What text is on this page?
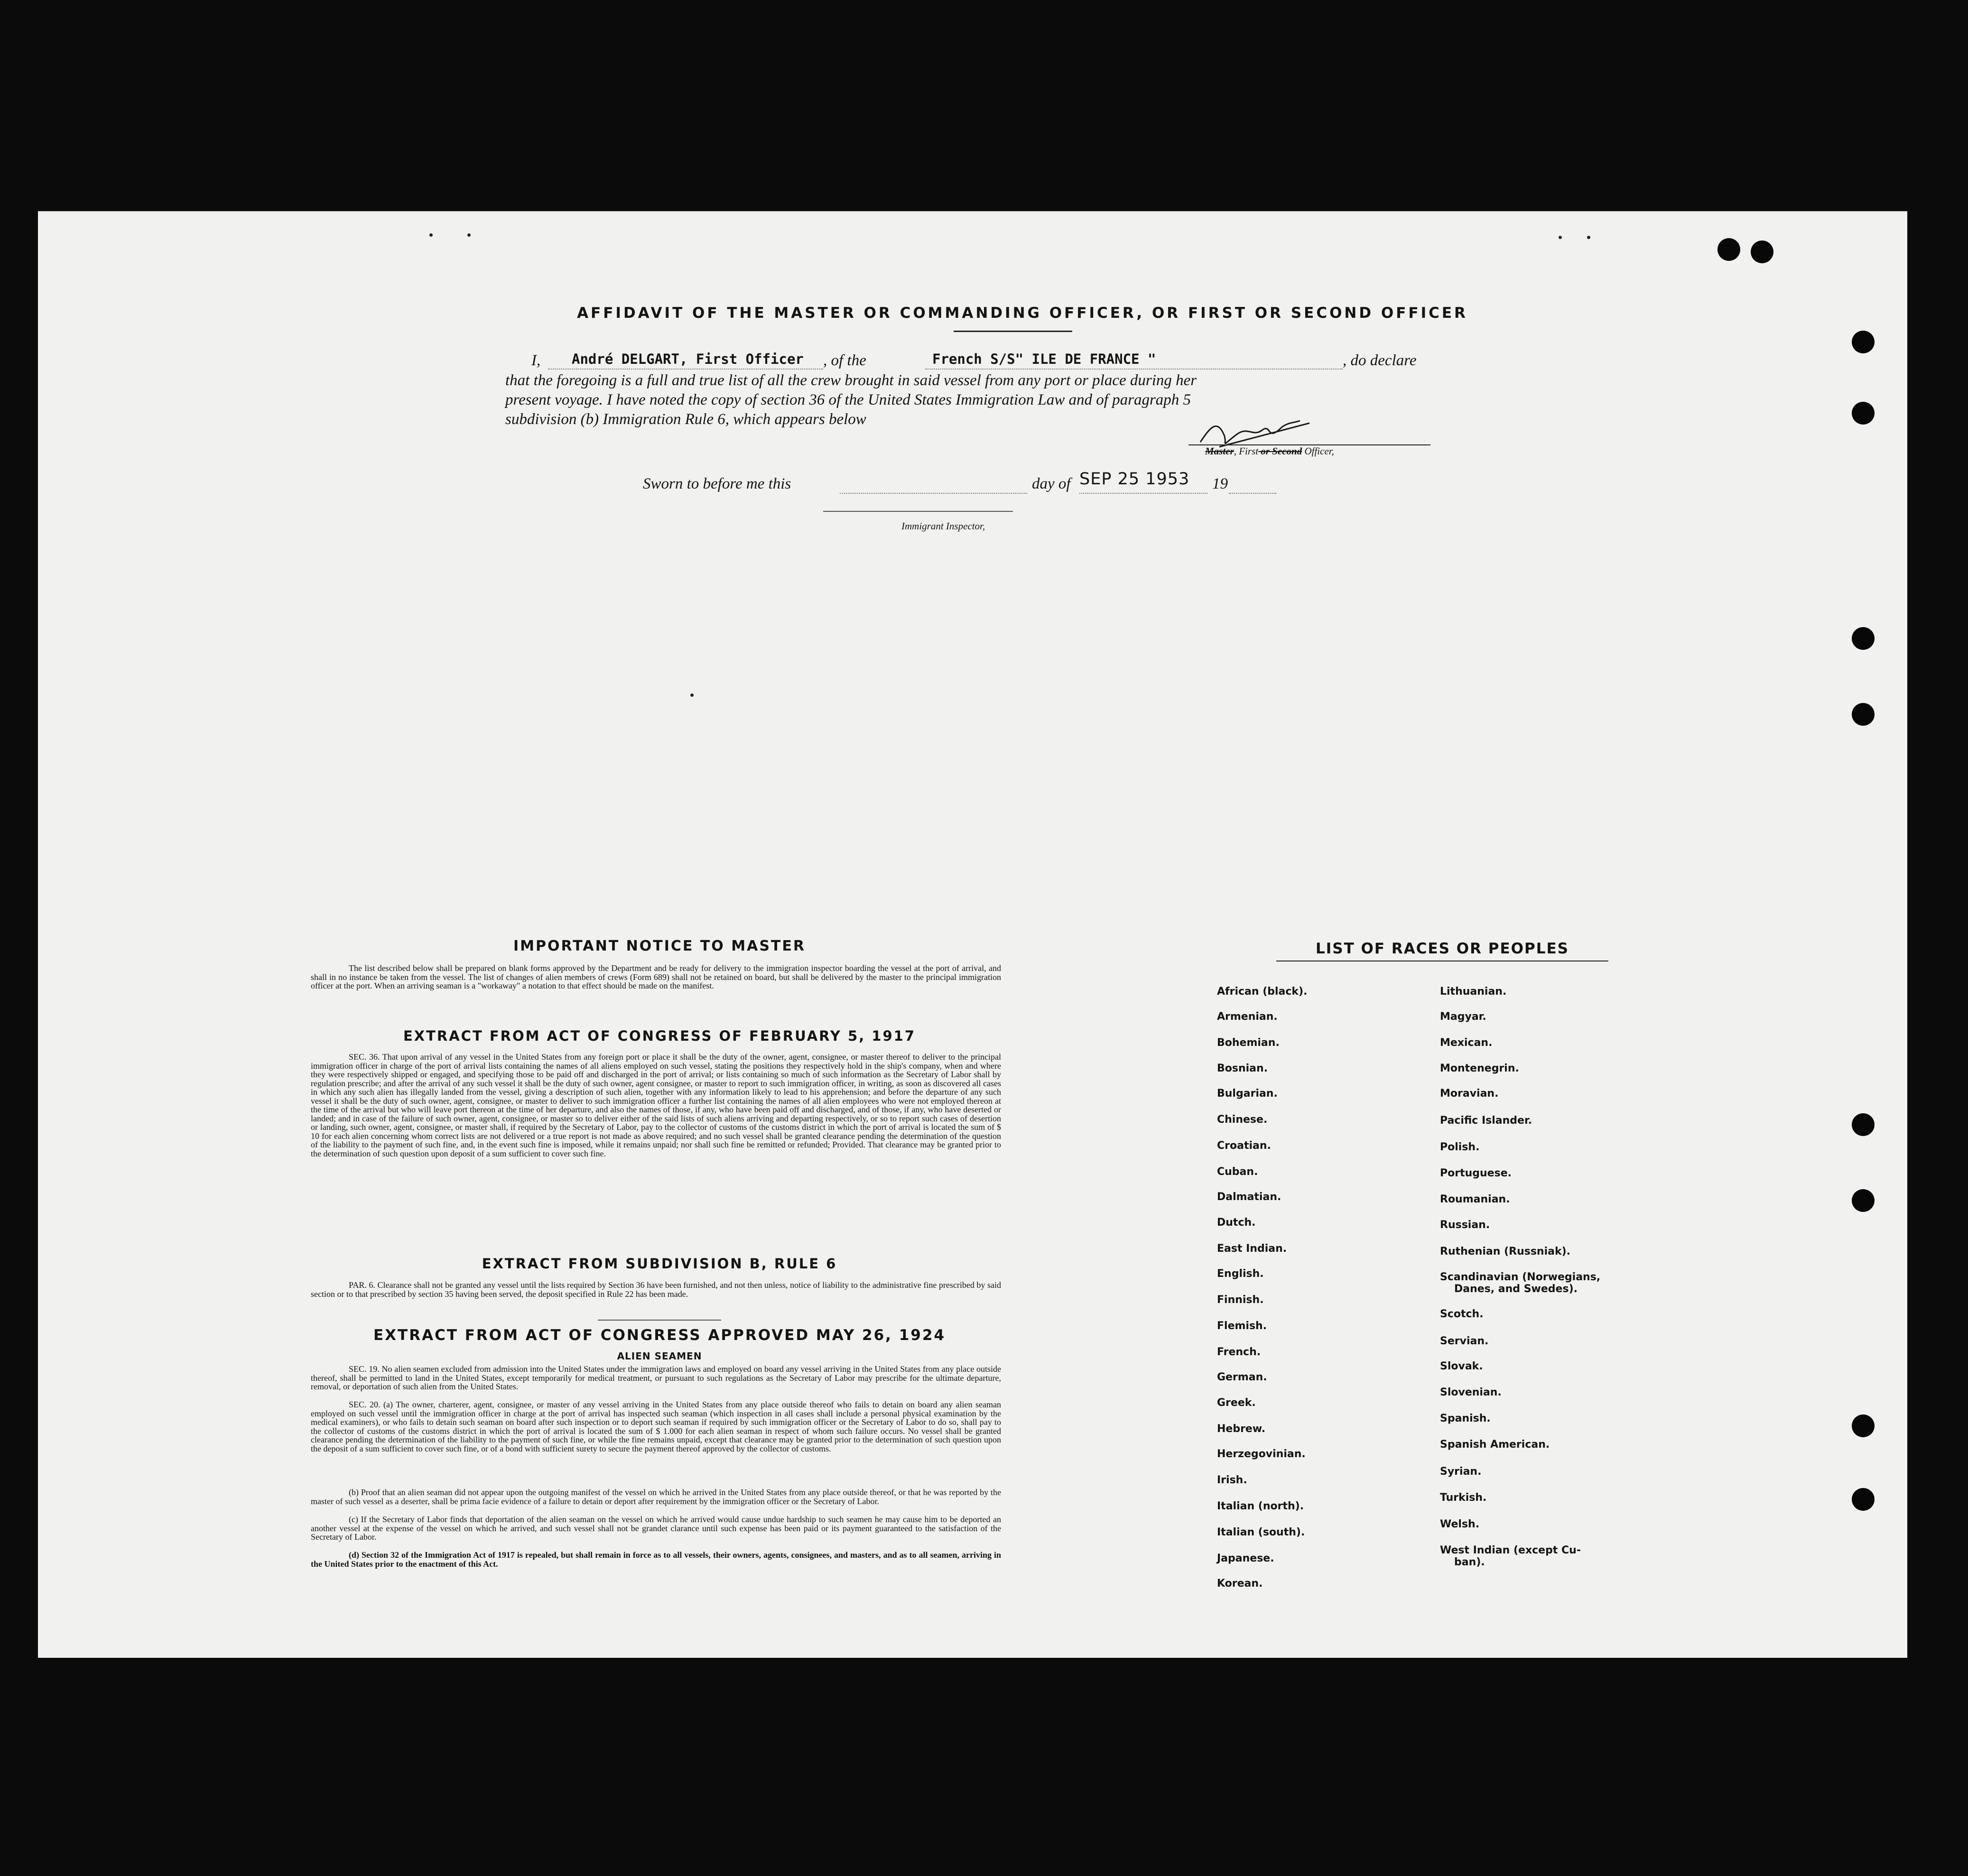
AFFIDAVIT OF THE MASTER OR COMMANDING OFFICER, OR FIRST OR SECOND OFFICER
I, André DELGART, First Officer , of the	French S/S" ILE DE FRANCE "	, do declare
that the foregoing is a full and true list of all the crew brought in said vessel from any port or place during her
present voyage. I have noted the copy of section 36 of the United States Immigration Law and of paragraph 5
subdivision (b) Immigration Rule 6, which appears below
Master, First or Second Officer,
Sworn to before me this	day of SEP 25 1953 19
Immigrant Inspector,
IMPORTANT NOTICE TO MASTER
The list described below shall be prepared on blank forms approved by the Department and be ready for delivery to the immigration inspector boarding the vessel at the port of arrival, and shall in no instance be taken from the vessel. The list of changes of alien members of crews (Form 689) shall not be retained on board, but shall be delivered by the master to the principal immigration officer at the port. When an arriving seaman is a "workaway" a notation to that effect should be made on the manifest.
EXTRACT FROM ACT OF CONGRESS OF FEBRUARY 5, 1917
SEC. 36. That upon arrival of any vessel in the United States from any foreign port or place it shall be the duty of the owner, agent, consignee, or master thereof to deliver to the principal immigration officer in charge of the port of arrival lists containing the names of all aliens employed on such vessel, stating the positions they respectively hold in the ship's company, when and where they were respectively shipped or engaged, and specifying those to be paid off and discharged in the port of arrival; or lists containing so much of such information as the Secretary of Labor shall by regulation prescribe; and after the arrival of any such vessel it shall be the duty of such owner, agent consignee, or master to report to such immigration officer, in writing, as soon as discovered all cases in which any such alien has illegally landed from the vessel, giving a description of such alien, together with any information likely to lead to his apprehension; and before the departure of any such vessel it shall be the duty of such owner, agent, consignee, or master to deliver to such immigration officer a further list containing the names of all alien employees who were not employed thereon at the time of the arrival but who will leave port thereon at the time of her departure, and also the names of those, if any, who have been paid off and discharged, and of those, if any, who have deserted or landed; and in case of the failure of such owner, agent, consignee, or master so to deliver either of the said lists of such aliens arriving and departing respectively, or so to report such cases of desertion or landing, such owner, agent, consignee, or master shall, if required by the Secretary of Labor, pay to the collector of customs of the customs district in which the port of arrival is located the sum of $ 10 for each alien concerning whom correct lists are not delivered or a true report is not made as above required; and no such vessel shall be granted clearance pending the determination of the question of the liability to the payment of such fine, and, in the event such fine is imposed, while it remains unpaid; nor shall such fine be remitted or refunded; Provided. That clearance may be granted prior to the determination of such question upon deposit of a sum sufficient to cover such fine.
EXTRACT FROM SUBDIVISION B, RULE 6
PAR. 6. Clearance shall not be granted any vessel until the lists required by Section 36 have been furnished, and not then unless, notice of liability to the administrative fine prescribed by said section or to that prescribed by section 35 having been served, the deposit specified in Rule 22 has been made.
EXTRACT FROM ACT OF CONGRESS APPROVED MAY 26, 1924
ALIEN SEAMEN
SEC. 19. No alien seamen excluded from admission into the United States under the immigration laws and employed on board any vessel arriving in the United States from any place outside thereof, shall be permitted to land in the United States, except temporarily for medical treatment, or pursuant to such regulations as the Secretary of Labor may prescribe for the ultimate departure, removal, or deportation of such alien from the United States.
SEC. 20. (a) The owner, charterer, agent, consignee, or master of any vessel arriving in the United States from any place outside thereof who fails to detain on board any alien seaman employed on such vessel until the immigration officer in charge at the port of arrival has inspected such seaman (which inspection in all cases shall include a personal physical examination by the medical examiners), or who fails to detain such seaman on board after such inspection or to deport such seaman if required by such immigration officer or the Secretary of Labor to do so, shall pay to the collector of customs of the customs district in which the port of arrival is located the sum of $ 1.000 for each alien seaman in respect of whom such failure occurs. No vessel shall be granted clearance pending the determination of the liability to the payment of such fine, or while the fine remains unpaid, except that clearance may be granted prior to the determination of such question upon the deposit of a sum sufficient to cover such fine, or of a bond with sufficient surety to secure the payment thereof approved by the collector of customs.
(b) Proof that an alien seaman did not appear upon the outgoing manifest of the vessel on which he arrived in the United States from any place outside thereof, or that he was reported by the master of such vessel as a deserter, shall be prima facie evidence of a failure to detain or deport after requirement by the immigration officer or the Secretary of Labor.
(c) If the Secretary of Labor finds that deportation of the alien seaman on the vessel on which he arrived would cause undue hardship to such seamen he may cause him to be deported an another vessel at the expense of the vessel on which he arrived, and such vessel shall not be grandet clarance until such expense has been paid or its payment guaranteed to the satisfaction of the Secretary of Labor.
(d) Section 32 of the Immigration Act of 1917 is repealed, but shall remain in force as to all vessels, their owners, agents, consignees, and masters, and as to all seamen, arriving in the United States prior to the enactment of this Act.
LIST OF RACES OR PEOPLES
African (black).
Armenian.
Bohemian.
Bosnian.
Bulgarian.
Chinese.
Croatian.
Cuban.
Dalmatian.
Dutch.
East Indian.
English.
Finnish.
Flemish.
French.
German.
Greek.
Hebrew.
Herzegovinian.
Irish.
Italian (north).
Italian (south).
Japanese.
Korean.
Lithuanian.
Magyar.
Mexican.
Montenegrin.
Moravian.
Pacific Islander.
Polish.
Portuguese.
Roumanian.
Russian.
Ruthenian (Russniak).
Scandinavian (Norwegians,
Danes, and Swedes).
Scotch.
Servian.
Slovak.
Slovenian.
Spanish.
Spanish American.
Syrian.
Turkish.
Welsh.
West Indian (except Cu-
ban).
